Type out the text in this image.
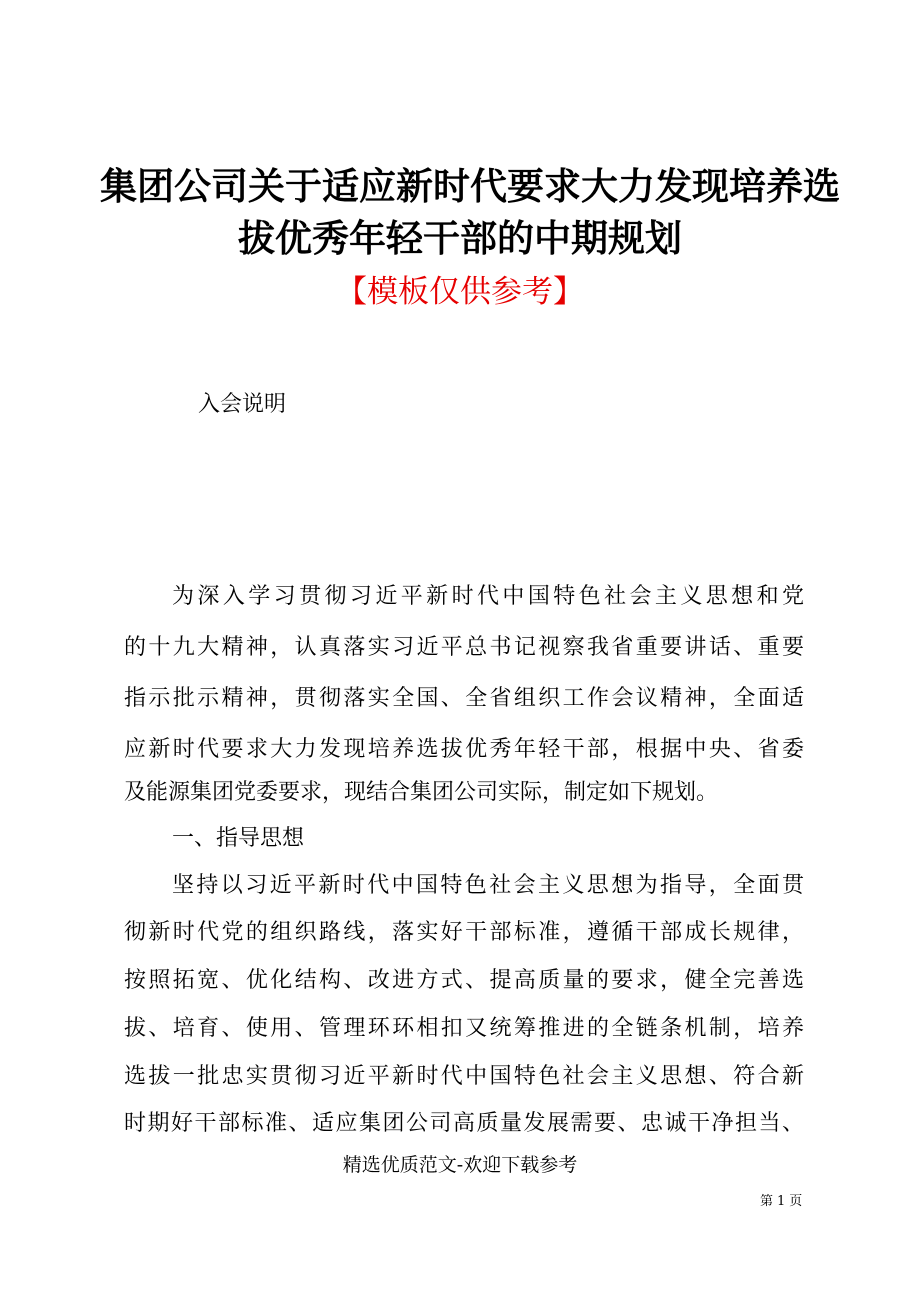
集团公司关于适应新时代要求大力发现培养选
拔优秀年轻干部的中期规划
【模板仅供参考】
入会说明
为深入学习贯彻习近平新时代中国特色社会主义思想和党
的十九大精神，认真落实习近平总书记视察我省重要讲话、重要
指示批示精神，贯彻落实全国、全省组织工作会议精神，全面适
应新时代要求大力发现培养选拔优秀年轻干部，根据中央、省委
及能源集团党委要求，现结合集团公司实际，制定如下规划。
一、指导思想
坚持以习近平新时代中国特色社会主义思想为指导，全面贯
彻新时代党的组织路线，落实好干部标准，遵循干部成长规律，
按照拓宽、优化结构、改进方式、提高质量的要求，健全完善选
拔、培育、使用、管理环环相扣又统筹推进的全链条机制，培养
选拔一批忠实贯彻习近平新时代中国特色社会主义思想、符合新
时期好干部标准、适应集团公司高质量发展需要、忠诚干净担当、
精选优质范文-欢迎下载参考
第 1 页
